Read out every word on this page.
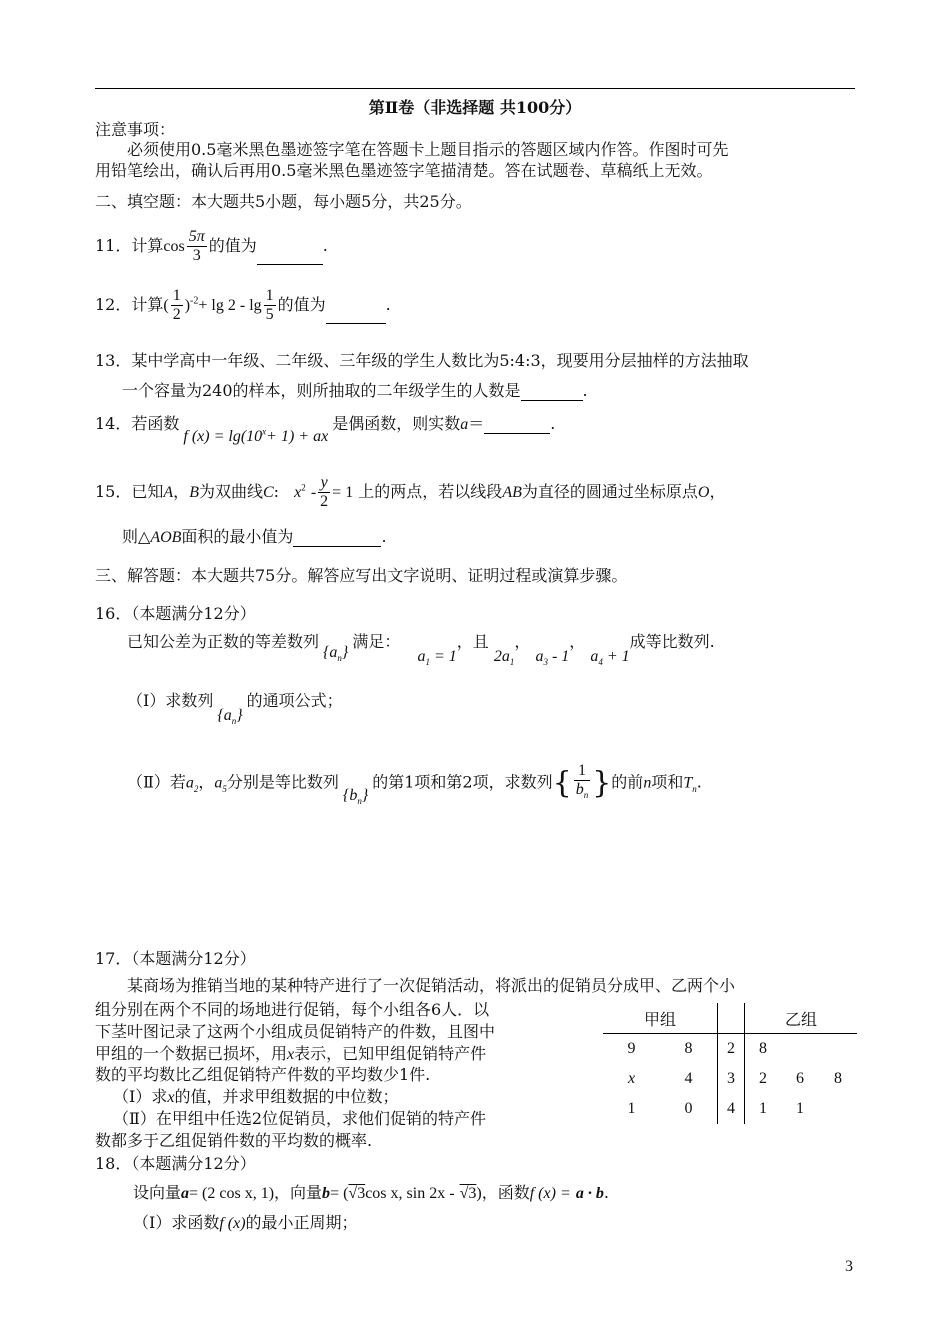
第Ⅱ卷（非选择题 共100分）
注意事项：
必须使用0.5毫米黑色墨迹签字笔在答题卡上题目指示的答题区域内作答。作图时可先
用铅笔绘出，确认后再用0.5毫米黑色墨迹签字笔描清楚。答在试题卷、草稿纸上无效。
二、填空题：本大题共5小题，每小题5分，共25分。
11．计算$\cos \frac{5\pi}{3}$ 的值为	.
12．计算( $\frac{1}{2} )^{-2}+ \lg 2 - \lg \frac{1}{5}$ 的值为	.
13．某中学高中一年级、二年级、三年级的学生人数比为5:4:3，现要用分层抽样的方法抽取
一个容量为240的样本，则所抽取的二年级学生的人数是	.
14．若函数f $(x) = \lg(10^x+ 1)$ + ax是偶函数，则实数a＝	.
15．已知A，B为双曲线C: $x^2 - \frac{y}{2} = 1$ 上的两点，若以线段AB为直径的圆通过坐标原点O，
则△AOB面积的最小值为	.
三、解答题：本大题共75分。解答应写出文字说明、证明过程或演算步骤。
16．（本题满分12分）
已知公差为正数的等差数列$\{a_n\}$满足： $a_1 = 1$，且 $2a_1$， $a_3 - 1$， $a_4 + 1$成等比数列.
（Ⅰ）求数列$\{a_n\}$的通项公式；
（Ⅱ）若$a_2$，$a_5$分别是等比数列$\{b_n\}$的第1项和第2项，求数列{ $\frac{1}{b_n}$ }的前n项和$T_n$.
17．（本题满分12分）
某商场为推销当地的某种特产进行了一次促销活动，将派出的促销员分成甲、乙两个小
组分别在两个不同的场地进行促销，每个小组各6人．以
下茎叶图记录了这两个小组成员促销特产的件数，且图中
甲组的一个数据已损坏，用x表示，已知甲组促销特产件
数的平均数比乙组促销特产件数的平均数少1件.
（Ⅰ）求x的值，并求甲组数据的中位数；
（Ⅱ）在甲组中任选2位促销员，求他们促销的特产件
数都多于乙组促销件数的平均数的概率.
甲组			乙组		
9	8	2	8		
x	4	3	2	6	8
1	0	4	1	1	
18．（本题满分12分）
设向量a= (2 cos x, 1)，向量b= (√3cos x, sin 2x - √3)，函数f (x) = a · b.
（Ⅰ）求函数f (x)的最小正周期；
3
